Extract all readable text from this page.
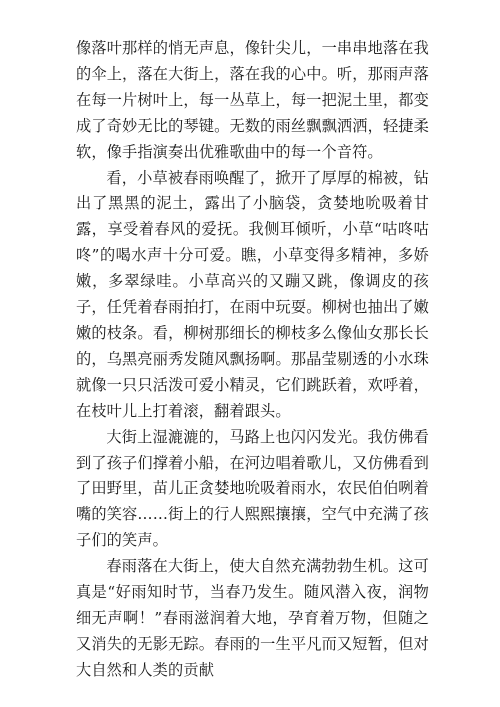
像落叶那样的悄无声息，像针尖儿，一串串地落在我的伞上，落在大街上，落在我的心中。听，那雨声落在每一片树叶上，每一丛草上，每一把泥土里，都变成了奇妙无比的琴键。无数的雨丝飘飘洒洒，轻捷柔软，像手指演奏出优雅歌曲中的每一个音符。

看，小草被春雨唤醒了，掀开了厚厚的棉被，钻出了黑黑的泥土，露出了小脑袋，贪婪地吮吸着甘露，享受着春风的爱抚。我侧耳倾听，小草“咕咚咕咚”的喝水声十分可爱。瞧，小草变得多精神，多娇嫩，多翠绿哇。小草高兴的又蹦又跳，像调皮的孩子，任凭着春雨拍打，在雨中玩耍。柳树也抽出了嫩嫩的枝条。看，柳树那细长的柳枝多么像仙女那长长的，乌黑亮丽秀发随风飘扬啊。那晶莹剔透的小水珠就像一只只活泼可爱小精灵，它们跳跃着，欢呼着，在枝叶儿上打着滚，翻着跟头。

大街上湿漉漉的，马路上也闪闪发光。我仿佛看到了孩子们撑着小船，在河边唱着歌儿，又仿佛看到了田野里，苗儿正贪婪地吮吸着雨水，农民伯伯咧着嘴的笑容……街上的行人熙熙攘攘，空气中充满了孩子们的笑声。

春雨落在大街上，使大自然充满勃勃生机。这可真是“好雨知时节，当春乃发生。随风潜入夜，润物细无声啊！”春雨滋润着大地，孕育着万物，但随之又消失的无影无踪。春雨的一生平凡而又短暂，但对大自然和人类的贡献
